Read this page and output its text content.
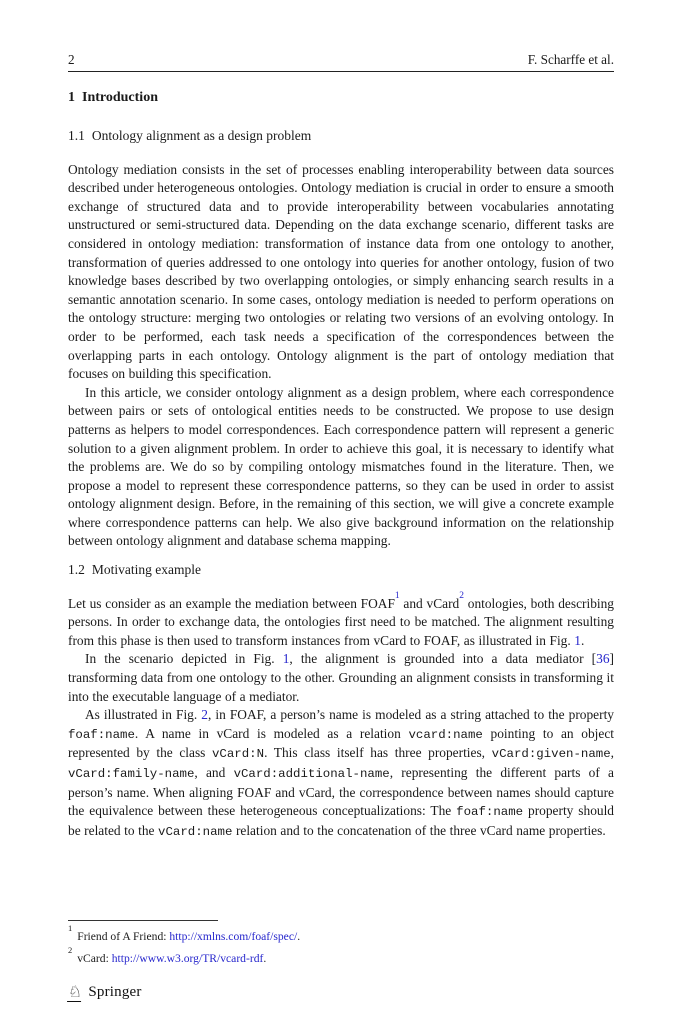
2	F. Scharffe et al.
1 Introduction
1.1 Ontology alignment as a design problem

Ontology mediation consists in the set of processes enabling interoperability between data sources described under heterogeneous ontologies. Ontology mediation is crucial in order to ensure a smooth exchange of structured data and to provide interoperability between vocabularies annotating unstructured or semi-structured data. Depending on the data exchange scenario, different tasks are considered in ontology mediation: transformation of instance data from one ontology to another, transformation of queries addressed to one ontology into queries for another ontology, fusion of two knowledge bases described by two overlapping ontologies, or simply enhancing search results in a semantic annotation scenario. In some cases, ontology mediation is needed to perform operations on the ontology structure: merging two ontologies or relating two versions of an evolving ontology. In order to be performed, each task needs a specification of the correspondences between the overlapping parts in each ontology. Ontology alignment is the part of ontology mediation that focuses on building this specification.

In this article, we consider ontology alignment as a design problem, where each correspondence between pairs or sets of ontological entities needs to be constructed. We propose to use design patterns as helpers to model correspondences. Each correspondence pattern will represent a generic solution to a given alignment problem. In order to achieve this goal, it is necessary to identify what the problems are. We do so by compiling ontology mismatches found in the literature. Then, we propose a model to represent these correspondence patterns, so they can be used in order to assist ontology alignment design. Before, in the remaining of this section, we will give a concrete example where correspondence patterns can help. We also give background information on the relationship between ontology alignment and database schema mapping.

1.2 Motivating example

Let us consider as an example the mediation between FOAF$^1$ and vCard$^2$ ontologies, both describing persons. In order to exchange data, the ontologies first need to be matched. The alignment resulting from this phase is then used to transform instances from vCard to FOAF, as illustrated in Fig. 1.

In the scenario depicted in Fig. 1, the alignment is grounded into a data mediator [36] transforming data from one ontology to the other. Grounding an alignment consists in transforming it into the executable language of a mediator.

As illustrated in Fig. 2, in FOAF, a person’s name is modeled as a string attached to the property foaf:name. A name in vCard is modeled as a relation vcard:name pointing to an object represented by the class vCard:N. This class itself has three properties, vCard:given-name, vCard:family-name, and vCard:additional-name, representing the different parts of a person’s name. When aligning FOAF and vCard, the correspondence between names should capture the equivalence between these heterogeneous conceptualizations: The foaf:name property should be related to the vCard:name relation and to the concatenation of the three vCard name properties.

$^1$Friend of A Friend: http://xmlns.com/foaf/spec/.
$^2$vCard: http://www.w3.org/TR/vcard-rdf.
♘ Springer
